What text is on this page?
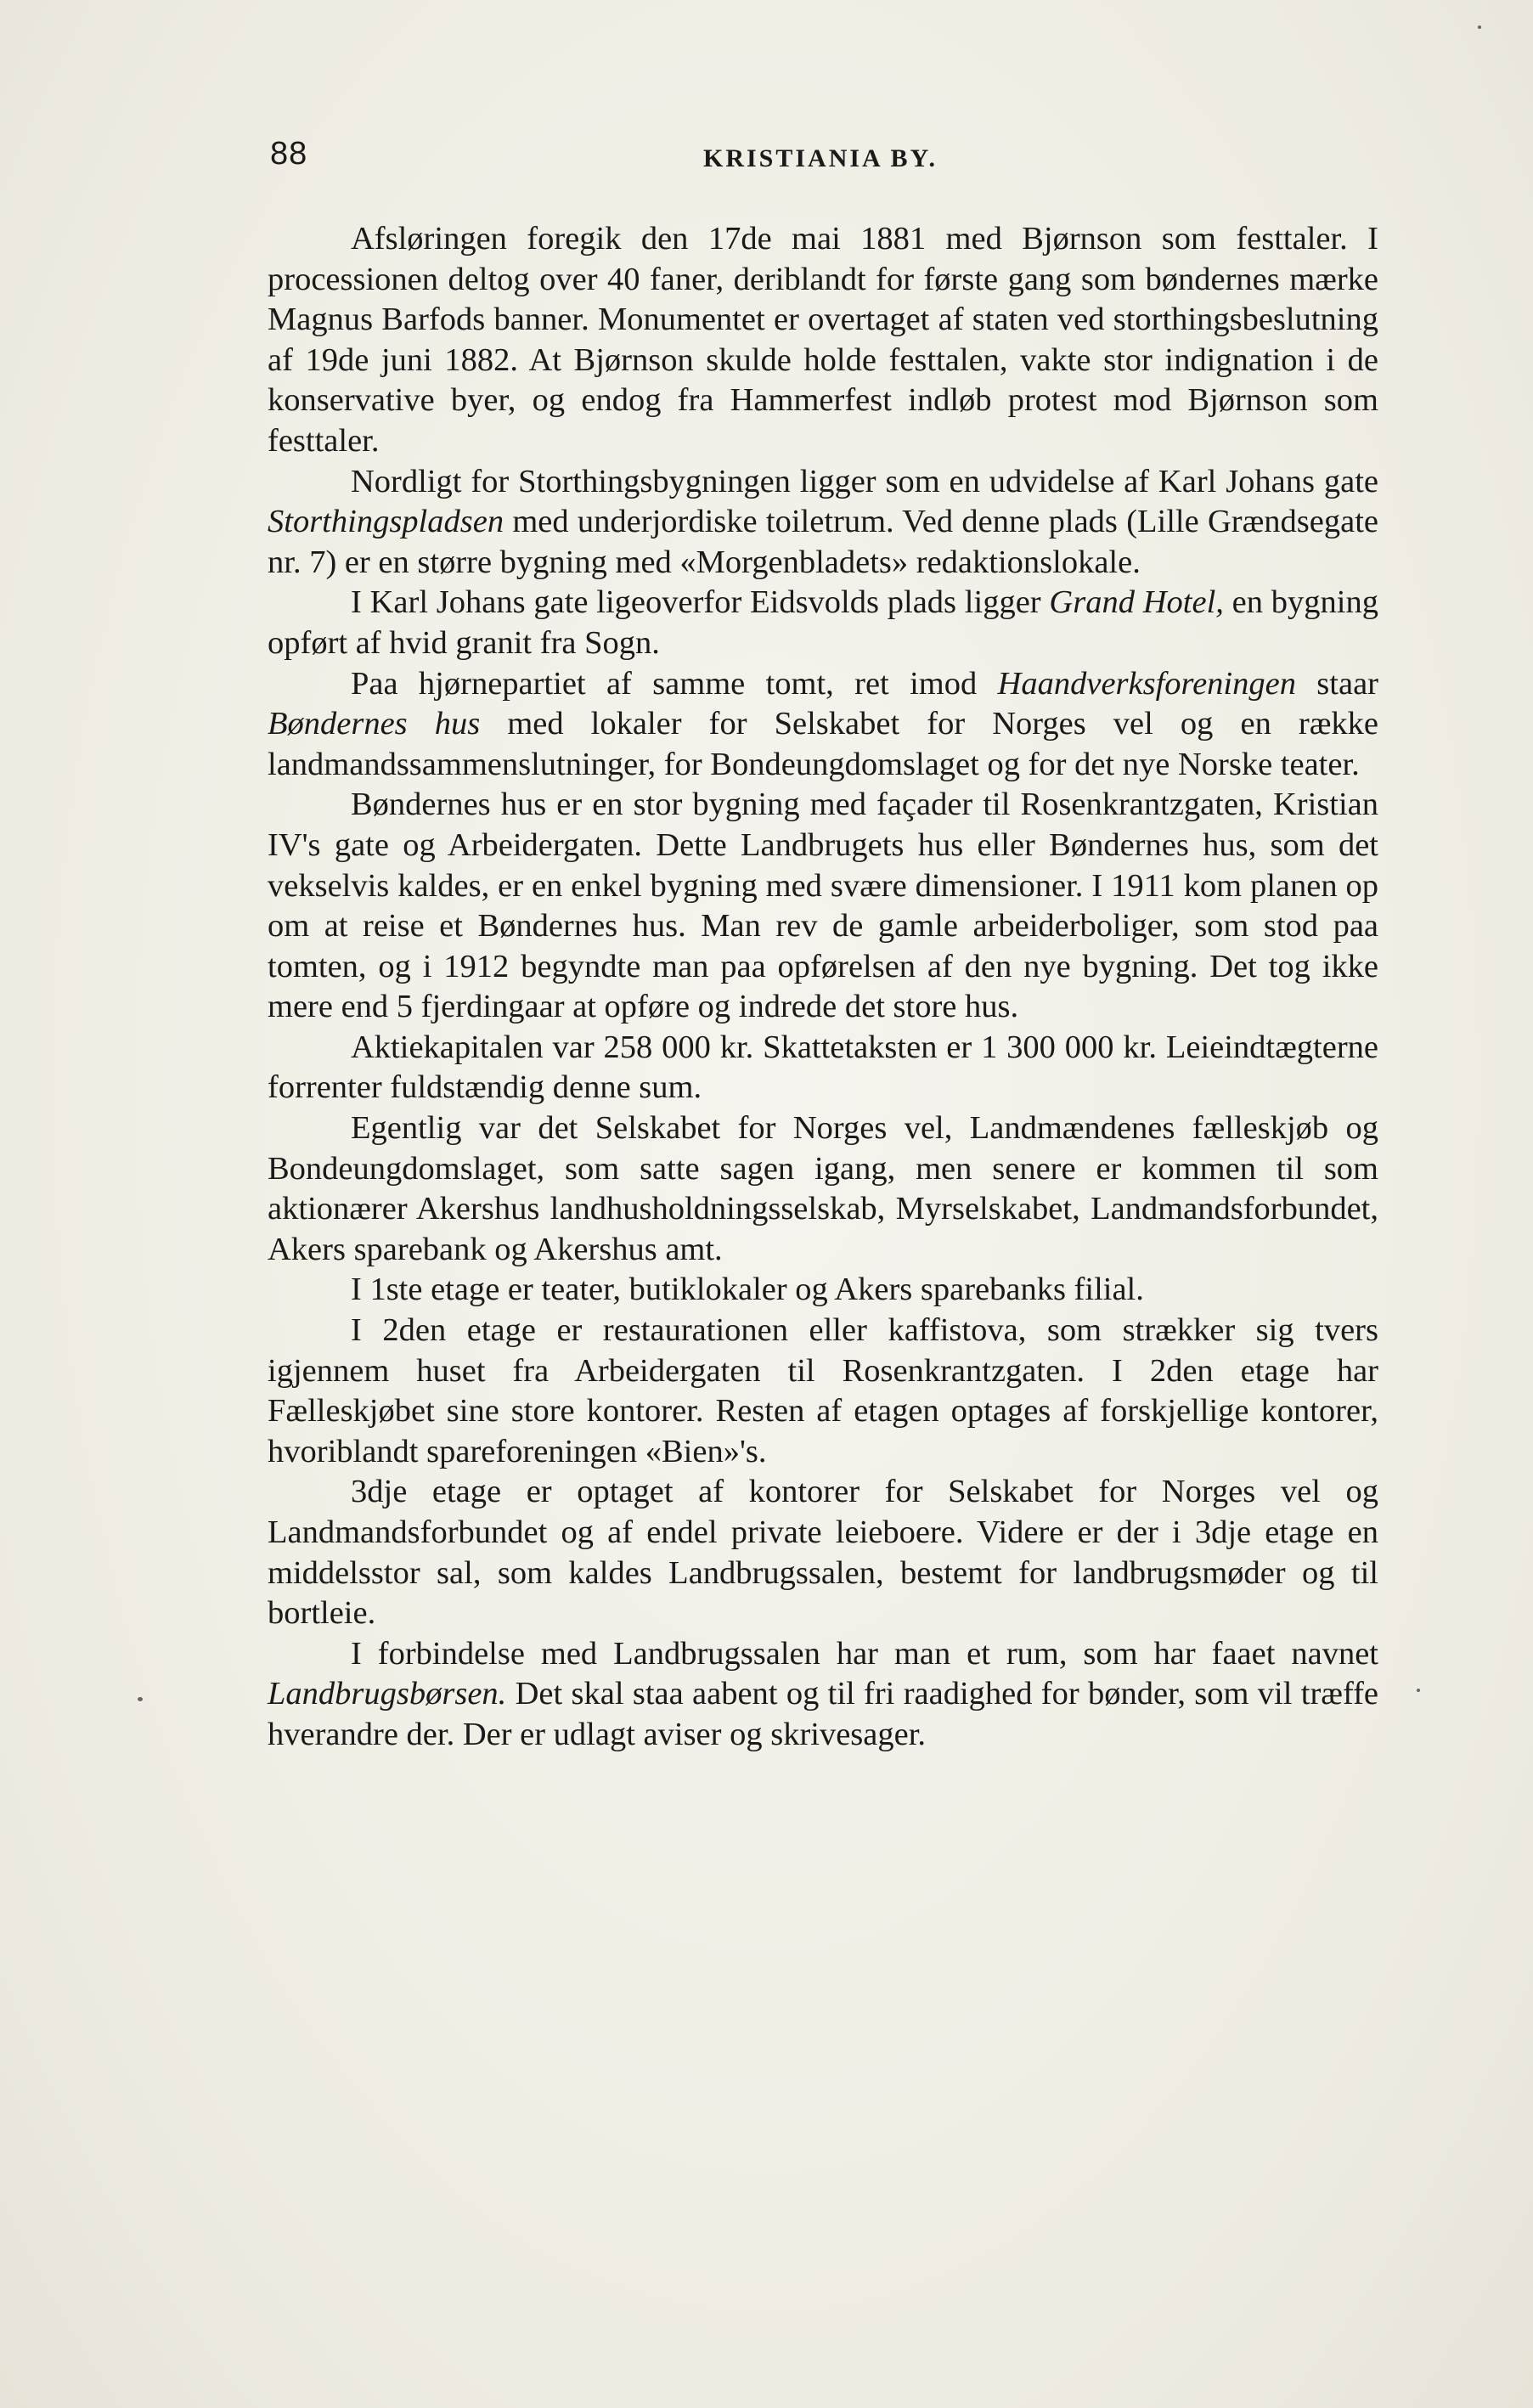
88	KRISTIANIA BY.

Afsløringen foregik den 17de mai 1881 med Bjørnson som festtaler. I processionen deltog over 40 faner, deriblandt for første gang som bøndernes mærke Magnus Barfods banner. Monumentet er overtaget af staten ved storthingsbeslutning af 19de juni 1882. At Bjørnson skulde holde festtalen, vakte stor indignation i de konservative byer, og endog fra Hammerfest indløb protest mod Bjørnson som festtaler.

Nordligt for Storthingsbygningen ligger som en udvidelse af Karl Johans gate Storthingspladsen med underjordiske toiletrum. Ved denne plads (Lille Grændsegate nr. 7) er en større bygning med «Morgenbladets» redaktionslokale.

I Karl Johans gate ligeoverfor Eidsvolds plads ligger Grand Hotel, en bygning opført af hvid granit fra Sogn.

Paa hjørnepartiet af samme tomt, ret imod Haandverksforeningen staar Bøndernes hus med lokaler for Selskabet for Norges vel og en række landmandssammenslutninger, for Bondeungdomslaget og for det nye Norske teater.

Bøndernes hus er en stor bygning med façader til Rosenkrantzgaten, Kristian IV's gate og Arbeidergaten. Dette Landbrugets hus eller Bøndernes hus, som det vekselvis kaldes, er en enkel bygning med svære dimensioner. I 1911 kom planen op om at reise et Bøndernes hus. Man rev de gamle arbeiderboliger, som stod paa tomten, og i 1912 begyndte man paa opførelsen af den nye bygning. Det tog ikke mere end 5 fjerdingaar at opføre og indrede det store hus.

Aktiekapitalen var 258 000 kr. Skattetaksten er 1 300 000 kr. Leieindtægterne forrenter fuldstændig denne sum.

Egentlig var det Selskabet for Norges vel, Landmændenes fælleskjøb og Bondeungdomslaget, som satte sagen igang, men senere er kommen til som aktionærer Akershus landhusholdningsselskab, Myrselskabet, Landmandsforbundet, Akers sparebank og Akershus amt.

I 1ste etage er teater, butiklokaler og Akers sparebanks filial.

I 2den etage er restaurationen eller kaffistova, som strækker sig tvers igjennem huset fra Arbeidergaten til Rosenkrantzgaten. I 2den etage har Fælleskjøbet sine store kontorer. Resten af etagen optages af forskjellige kontorer, hvoriblandt spareforeningen «Bien»'s.

3dje etage er optaget af kontorer for Selskabet for Norges vel og Landmandsforbundet og af endel private leieboere. Videre er der i 3dje etage en middelsstor sal, som kaldes Landbrugssalen, bestemt for landbrugsmøder og til bortleie.

I forbindelse med Landbrugssalen har man et rum, som har faaet navnet Landbrugsbørsen. Det skal staa aabent og til fri raadighed for bønder, som vil træffe hverandre der. Der er udlagt aviser og skrivesager.
